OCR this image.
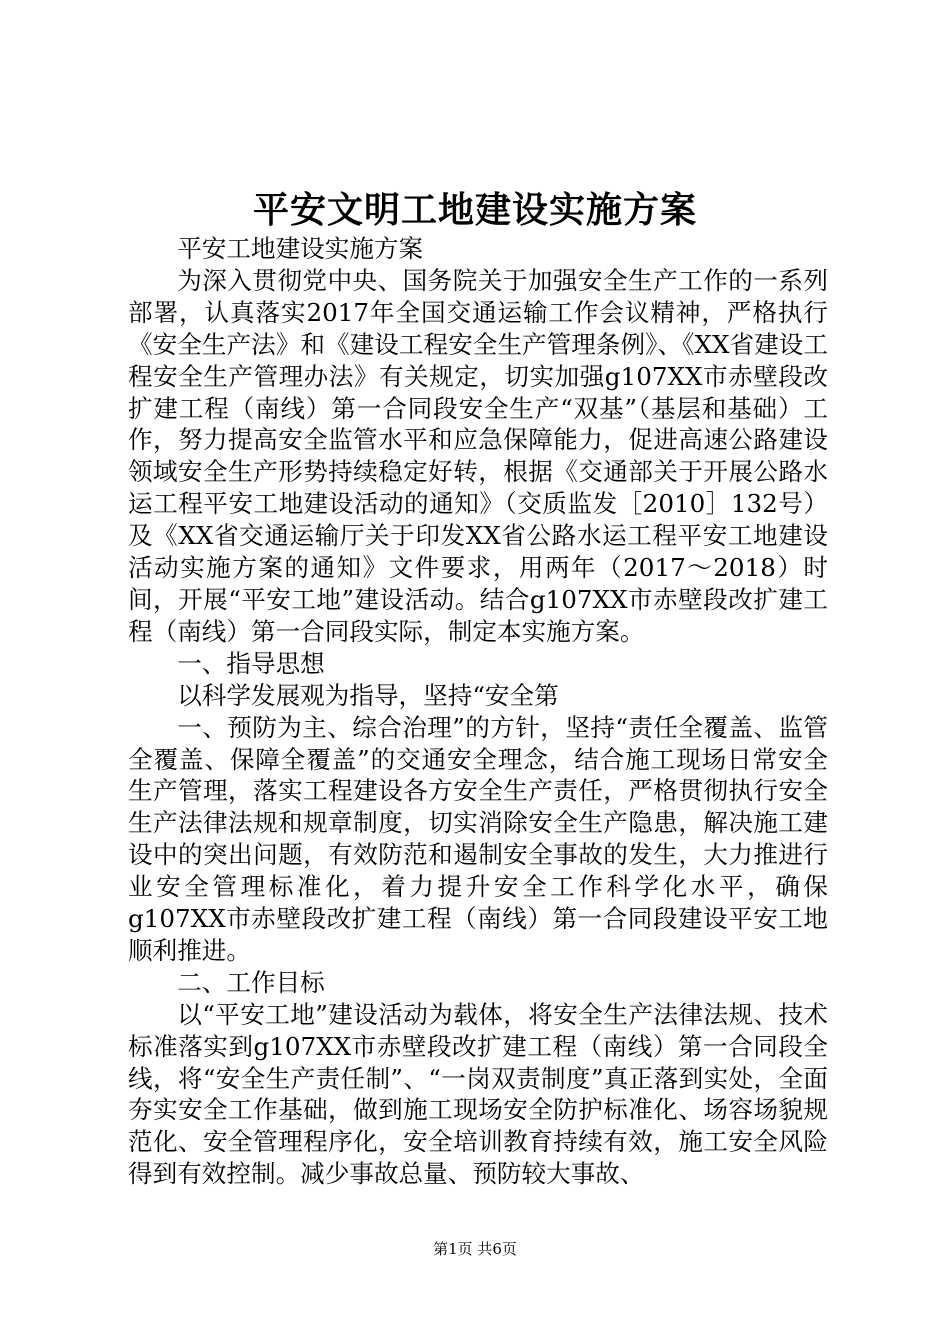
平安文明工地建设实施方案

平安工地建设实施方案

为深入贯彻党中央、国务院关于加强安全生产工作的一系列部署，认真落实2017年全国交通运输工作会议精神，严格执行《安全生产法》和《建设工程安全生产管理条例》、《XX省建设工程安全生产管理办法》有关规定，切实加强g107XX市赤壁段改扩建工程（南线）第一合同段安全生产“双基”（基层和基础）工作，努力提高安全监管水平和应急保障能力，促进高速公路建设领域安全生产形势持续稳定好转，根据《交通部关于开展公路水运工程平安工地建设活动的通知》（交质监发［2010］132号）及《XX省交通运输厅关于印发XX省公路水运工程平安工地建设活动实施方案的通知》文件要求，用两年（2017～2018）时间，开展“平安工地”建设活动。结合g107XX市赤壁段改扩建工程（南线）第一合同段实际，制定本实施方案。

一、指导思想

以科学发展观为指导，坚持“安全第

一、预防为主、综合治理”的方针，坚持“责任全覆盖、监管全覆盖、保障全覆盖”的交通安全理念，结合施工现场日常安全生产管理，落实工程建设各方安全生产责任，严格贯彻执行安全生产法律法规和规章制度，切实消除安全生产隐患，解决施工建设中的突出问题，有效防范和遏制安全事故的发生，大力推进行业安全管理标准化，着力提升安全工作科学化水平，确保g107XX市赤壁段改扩建工程（南线）第一合同段建设平安工地顺利推进。

二、工作目标

以“平安工地”建设活动为载体，将安全生产法律法规、技术标准落实到g107XX市赤壁段改扩建工程（南线）第一合同段全线，将“安全生产责任制”、“一岗双责制度”真正落到实处，全面夯实安全工作基础，做到施工现场安全防护标准化、场容场貌规范化、安全管理程序化，安全培训教育持续有效，施工安全风险得到有效控制。减少事故总量、预防较大事故、

第1页 共6页
